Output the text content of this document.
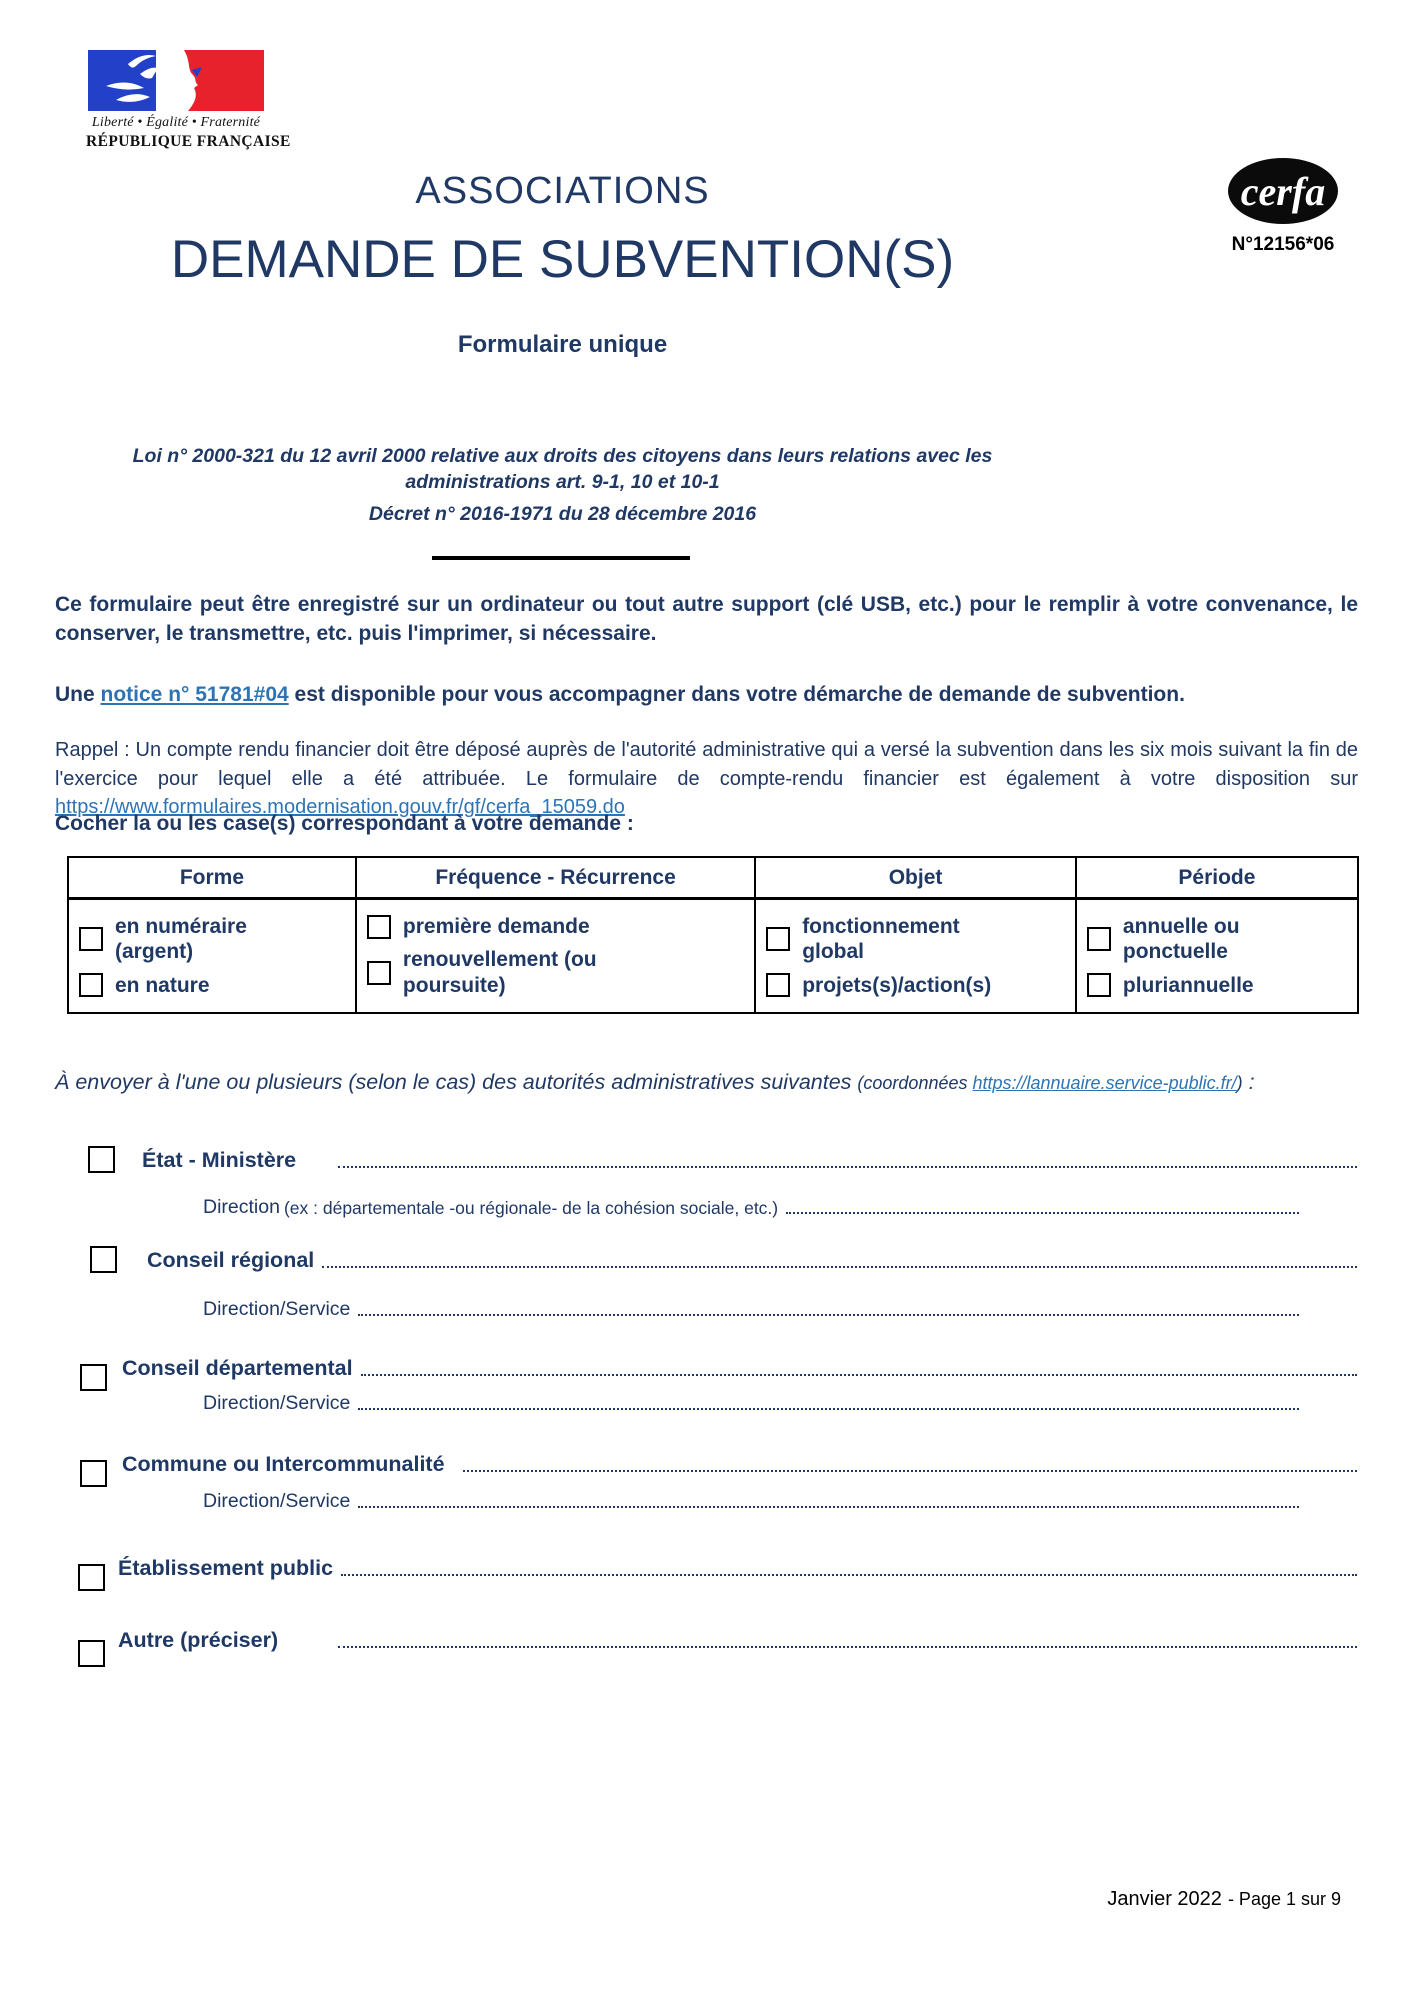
Liberté • Égalité • Fraternité
RÉPUBLIQUE FRANÇAISE
cerfa
N°12156*06
ASSOCIATIONS
DEMANDE DE SUBVENTION(S)
Formulaire unique
Loi n° 2000-321 du 12 avril 2000 relative aux droits des citoyens dans leurs relations avec les administrations art. 9-1, 10 et 10-1
Décret n° 2016-1971 du 28 décembre 2016
Ce formulaire peut être enregistré sur un ordinateur ou tout autre support (clé USB, etc.) pour le remplir à votre convenance, le conserver, le transmettre, etc. puis l'imprimer, si nécessaire.
Une notice n° 51781#04 est disponible pour vous accompagner dans votre démarche de demande de subvention.
Rappel : Un compte rendu financier doit être déposé auprès de l'autorité administrative qui a versé la subvention dans les six mois suivant la fin de l'exercice pour lequel elle a été attribuée. Le formulaire de compte-rendu financier est également à votre disposition sur https://www.formulaires.modernisation.gouv.fr/gf/cerfa_15059.do
Cocher la ou les case(s) correspondant à votre demande :
Forme
en numéraire (argent)
en nature
Fréquence - Récurrence
première demande
renouvellement (ou poursuite)
Objet
fonctionnement global
projets(s)/action(s)
Période
annuelle ou ponctuelle
pluriannuelle
À envoyer à l'une ou plusieurs (selon le cas) des autorités administratives suivantes (coordonnées https://lannuaire.service-public.fr/) :
État - Ministère
Direction (ex : départementale -ou régionale- de la cohésion sociale, etc.)
Conseil régional
Direction/Service
Conseil départemental
Direction/Service
Commune ou Intercommunalité
Direction/Service
Établissement public
Autre (préciser)
Janvier 2022 - Page 1 sur 9
